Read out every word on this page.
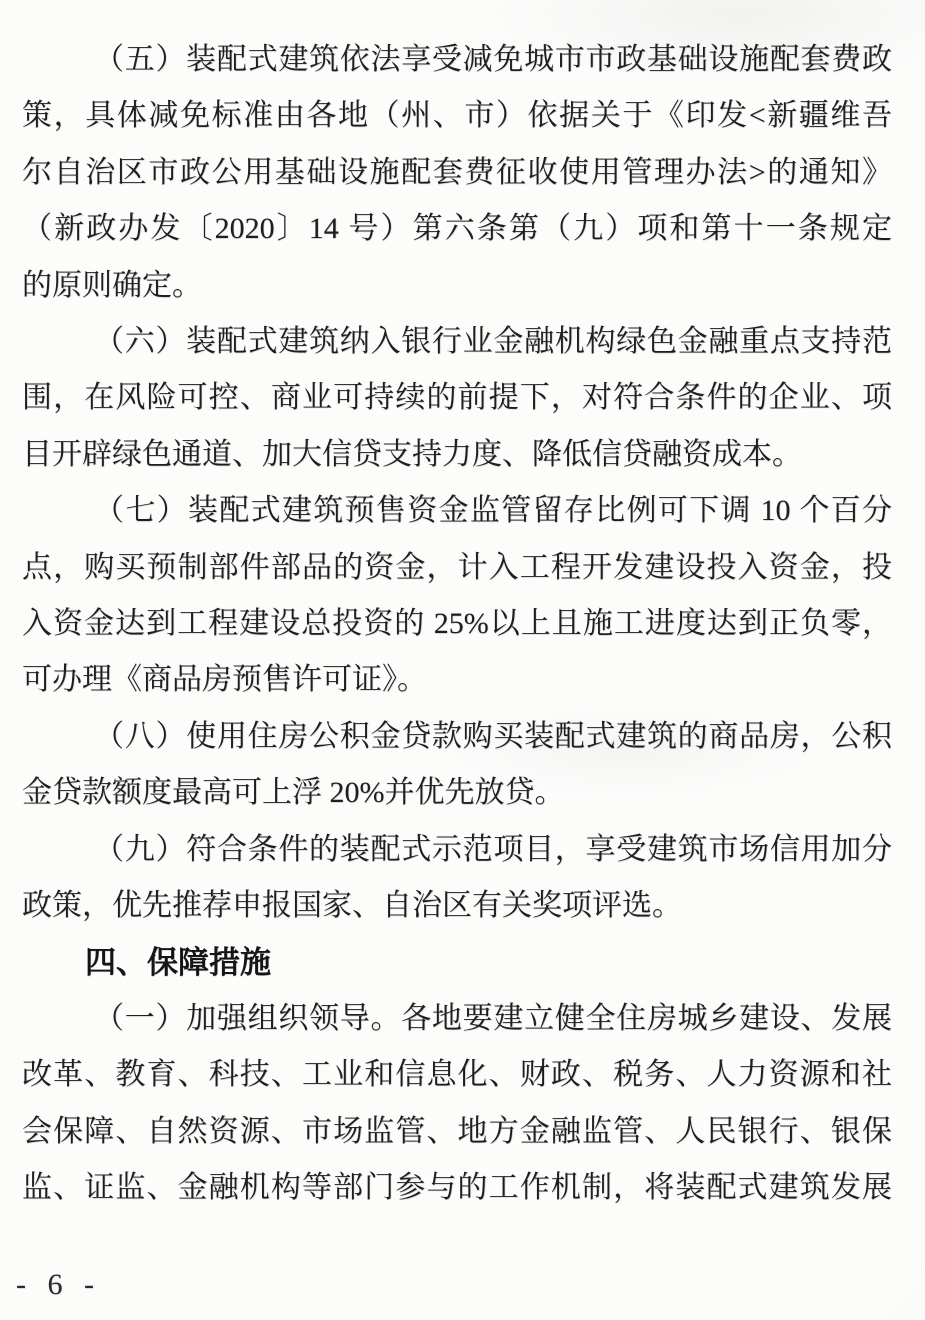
（五）装配式建筑依法享受减免城市市政基础设施配套费政
策，具体减免标准由各地（州、市）依据关于《印发<新疆维吾
尔自治区市政公用基础设施配套费征收使用管理办法>的通知》
（新政办发〔2020〕14 号）第六条第（九）项和第十一条规定
的原则确定。
（六）装配式建筑纳入银行业金融机构绿色金融重点支持范
围，在风险可控、商业可持续的前提下，对符合条件的企业、项
目开辟绿色通道、加大信贷支持力度、降低信贷融资成本。
（七）装配式建筑预售资金监管留存比例可下调 10 个百分
点，购买预制部件部品的资金，计入工程开发建设投入资金，投
入资金达到工程建设总投资的 25%以上且施工进度达到正负零，
可办理《商品房预售许可证》。
（八）使用住房公积金贷款购买装配式建筑的商品房，公积
金贷款额度最高可上浮 20%并优先放贷。
（九）符合条件的装配式示范项目，享受建筑市场信用加分
政策，优先推荐申报国家、自治区有关奖项评选。
四、保障措施
（一）加强组织领导。各地要建立健全住房城乡建设、发展
改革、教育、科技、工业和信息化、财政、税务、人力资源和社
会保障、自然资源、市场监管、地方金融监管、人民银行、银保
监、证监、金融机构等部门参与的工作机制，将装配式建筑发展
- 6 -
